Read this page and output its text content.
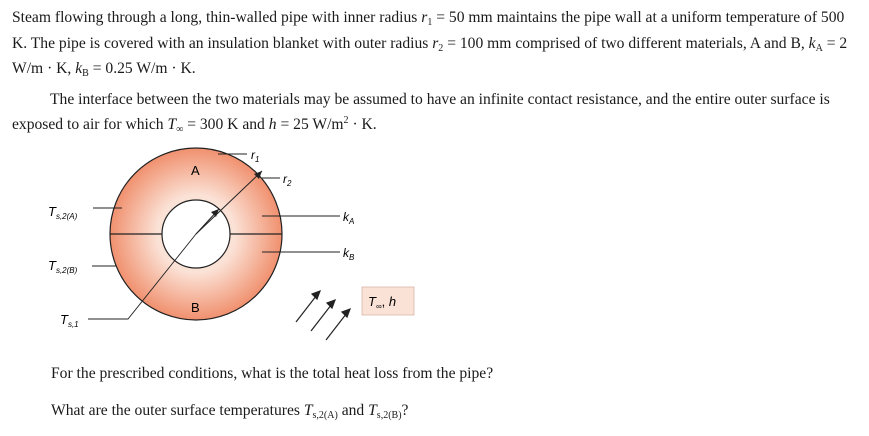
Steam flowing through a long, thin-walled pipe with inner radius $r_1 = 50$ mm maintains the pipe wall at a uniform temperature of 500 K. The pipe is covered with an insulation blanket with outer radius $r_2 = 100$ mm comprised of two different materials, A and B, $k_A = 2$ W/m · K, $k_B = 0.25$ W/m · K.
The interface between the two materials may be assumed to have an infinite contact resistance, and the entire outer surface is exposed to air for which $T_\infty = 300$ K and h = 25 $W/m^2 \cdot K$.
$r_1$
$r_2$
A
B
$k_A$
$k_B$
$T_{s,2(A)}$
$T_{s,2(B)}$
$T_{s,1}$
$T_\infty$, h
For the prescribed conditions, what is the total heat loss from the pipe?
What are the outer surface temperatures $T_{s,2(A)}$ and $T_{s,2(B)}$?
